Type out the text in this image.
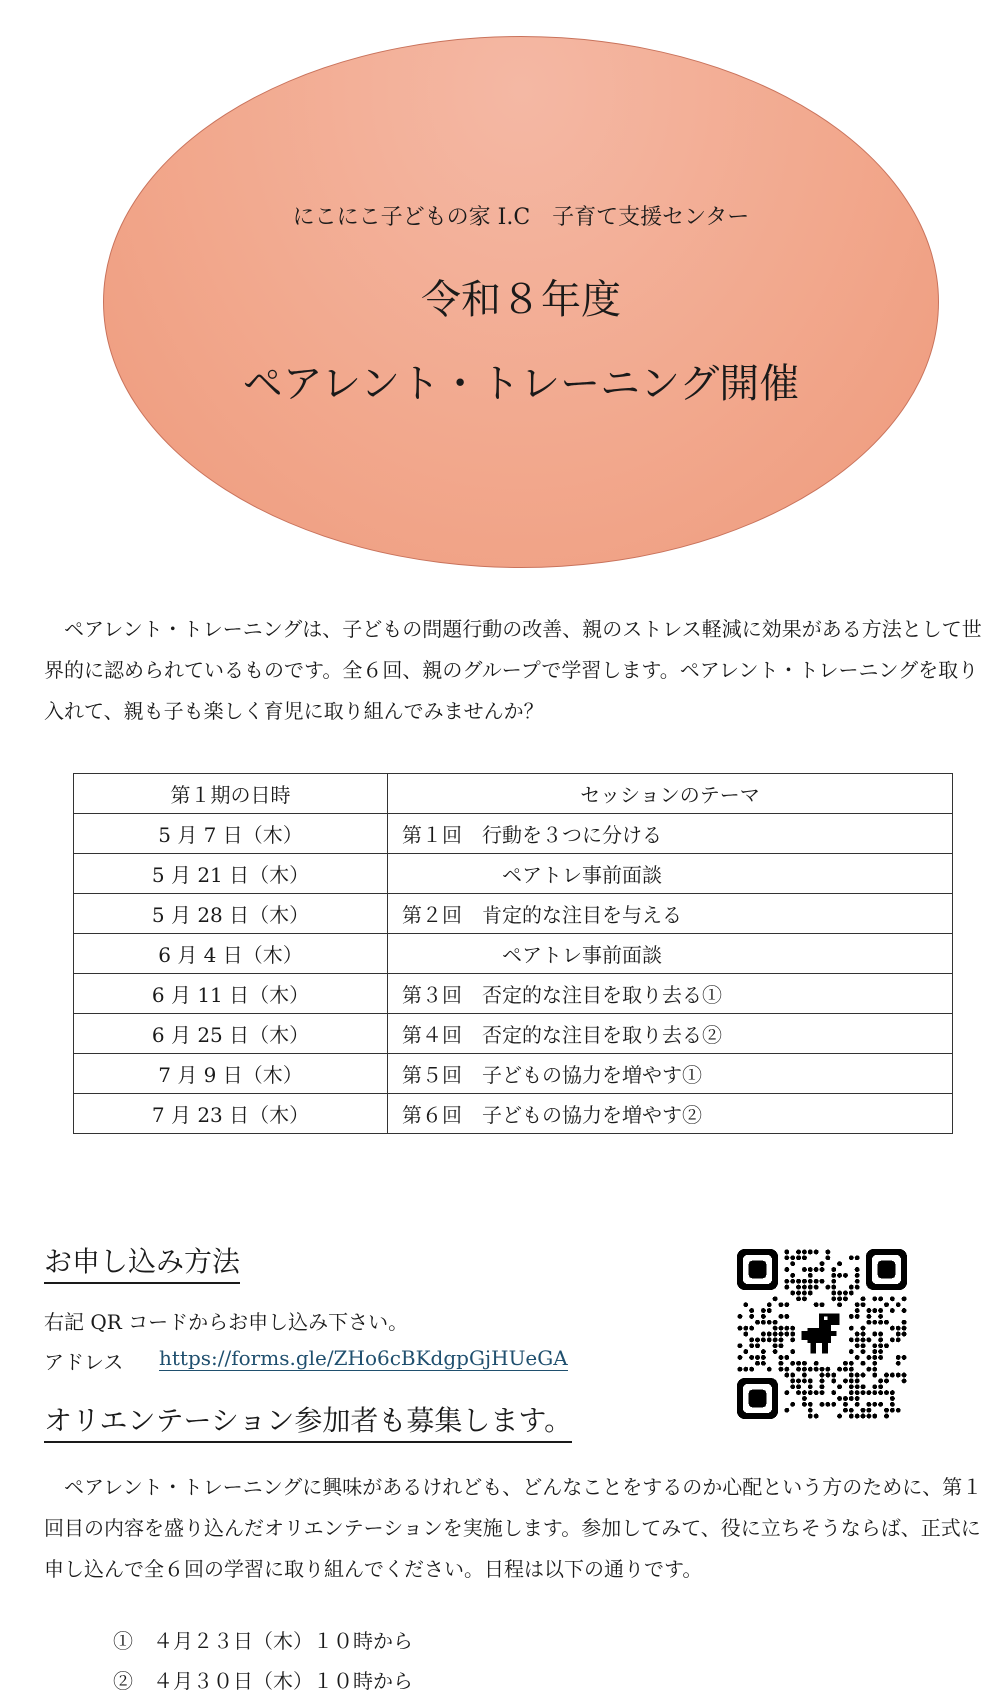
にこにこ子どもの家 I.C　子育て支援センター
令和８年度
ペアレント・トレーニング開催
　ペアレント・トレーニングは、子どもの問題行動の改善、親のストレス軽減に効果がある方法として世界的に認められているものです。全６回、親のグループで学習します。ペアレント・トレーニングを取り入れて、親も子も楽しく育児に取り組んでみませんか？
第１期の日時	セッションのテーマ
5 月 7 日（木）	第１回　行動を３つに分ける
5 月 21 日（木）	　　　　　ペアトレ事前面談
5 月 28 日（木）	第２回　肯定的な注目を与える
6 月 4 日（木）	　　　　　ペアトレ事前面談
6 月 11 日（木）	第３回　否定的な注目を取り去る①
6 月 25 日（木）	第４回　否定的な注目を取り去る②
7 月 9 日（木）	第５回　子どもの協力を増やす①
7 月 23 日（木）	第６回　子どもの協力を増やす②
お申し込み方法
右記 QR コードからお申し込み下さい。
アドレス https://forms.gle/ZHo6cBKdgpGjHUeGA
オリエンテーション参加者も募集します。
　ペアレント・トレーニングに興味があるけれども、どんなことをするのか心配という方のために、第１回目の内容を盛り込んだオリエンテーションを実施します。参加してみて、役に立ちそうならば、正式に申し込んで全６回の学習に取り組んでください。日程は以下の通りです。
①　４月２３日（木）１０時から
②　４月３０日（木）１０時から
